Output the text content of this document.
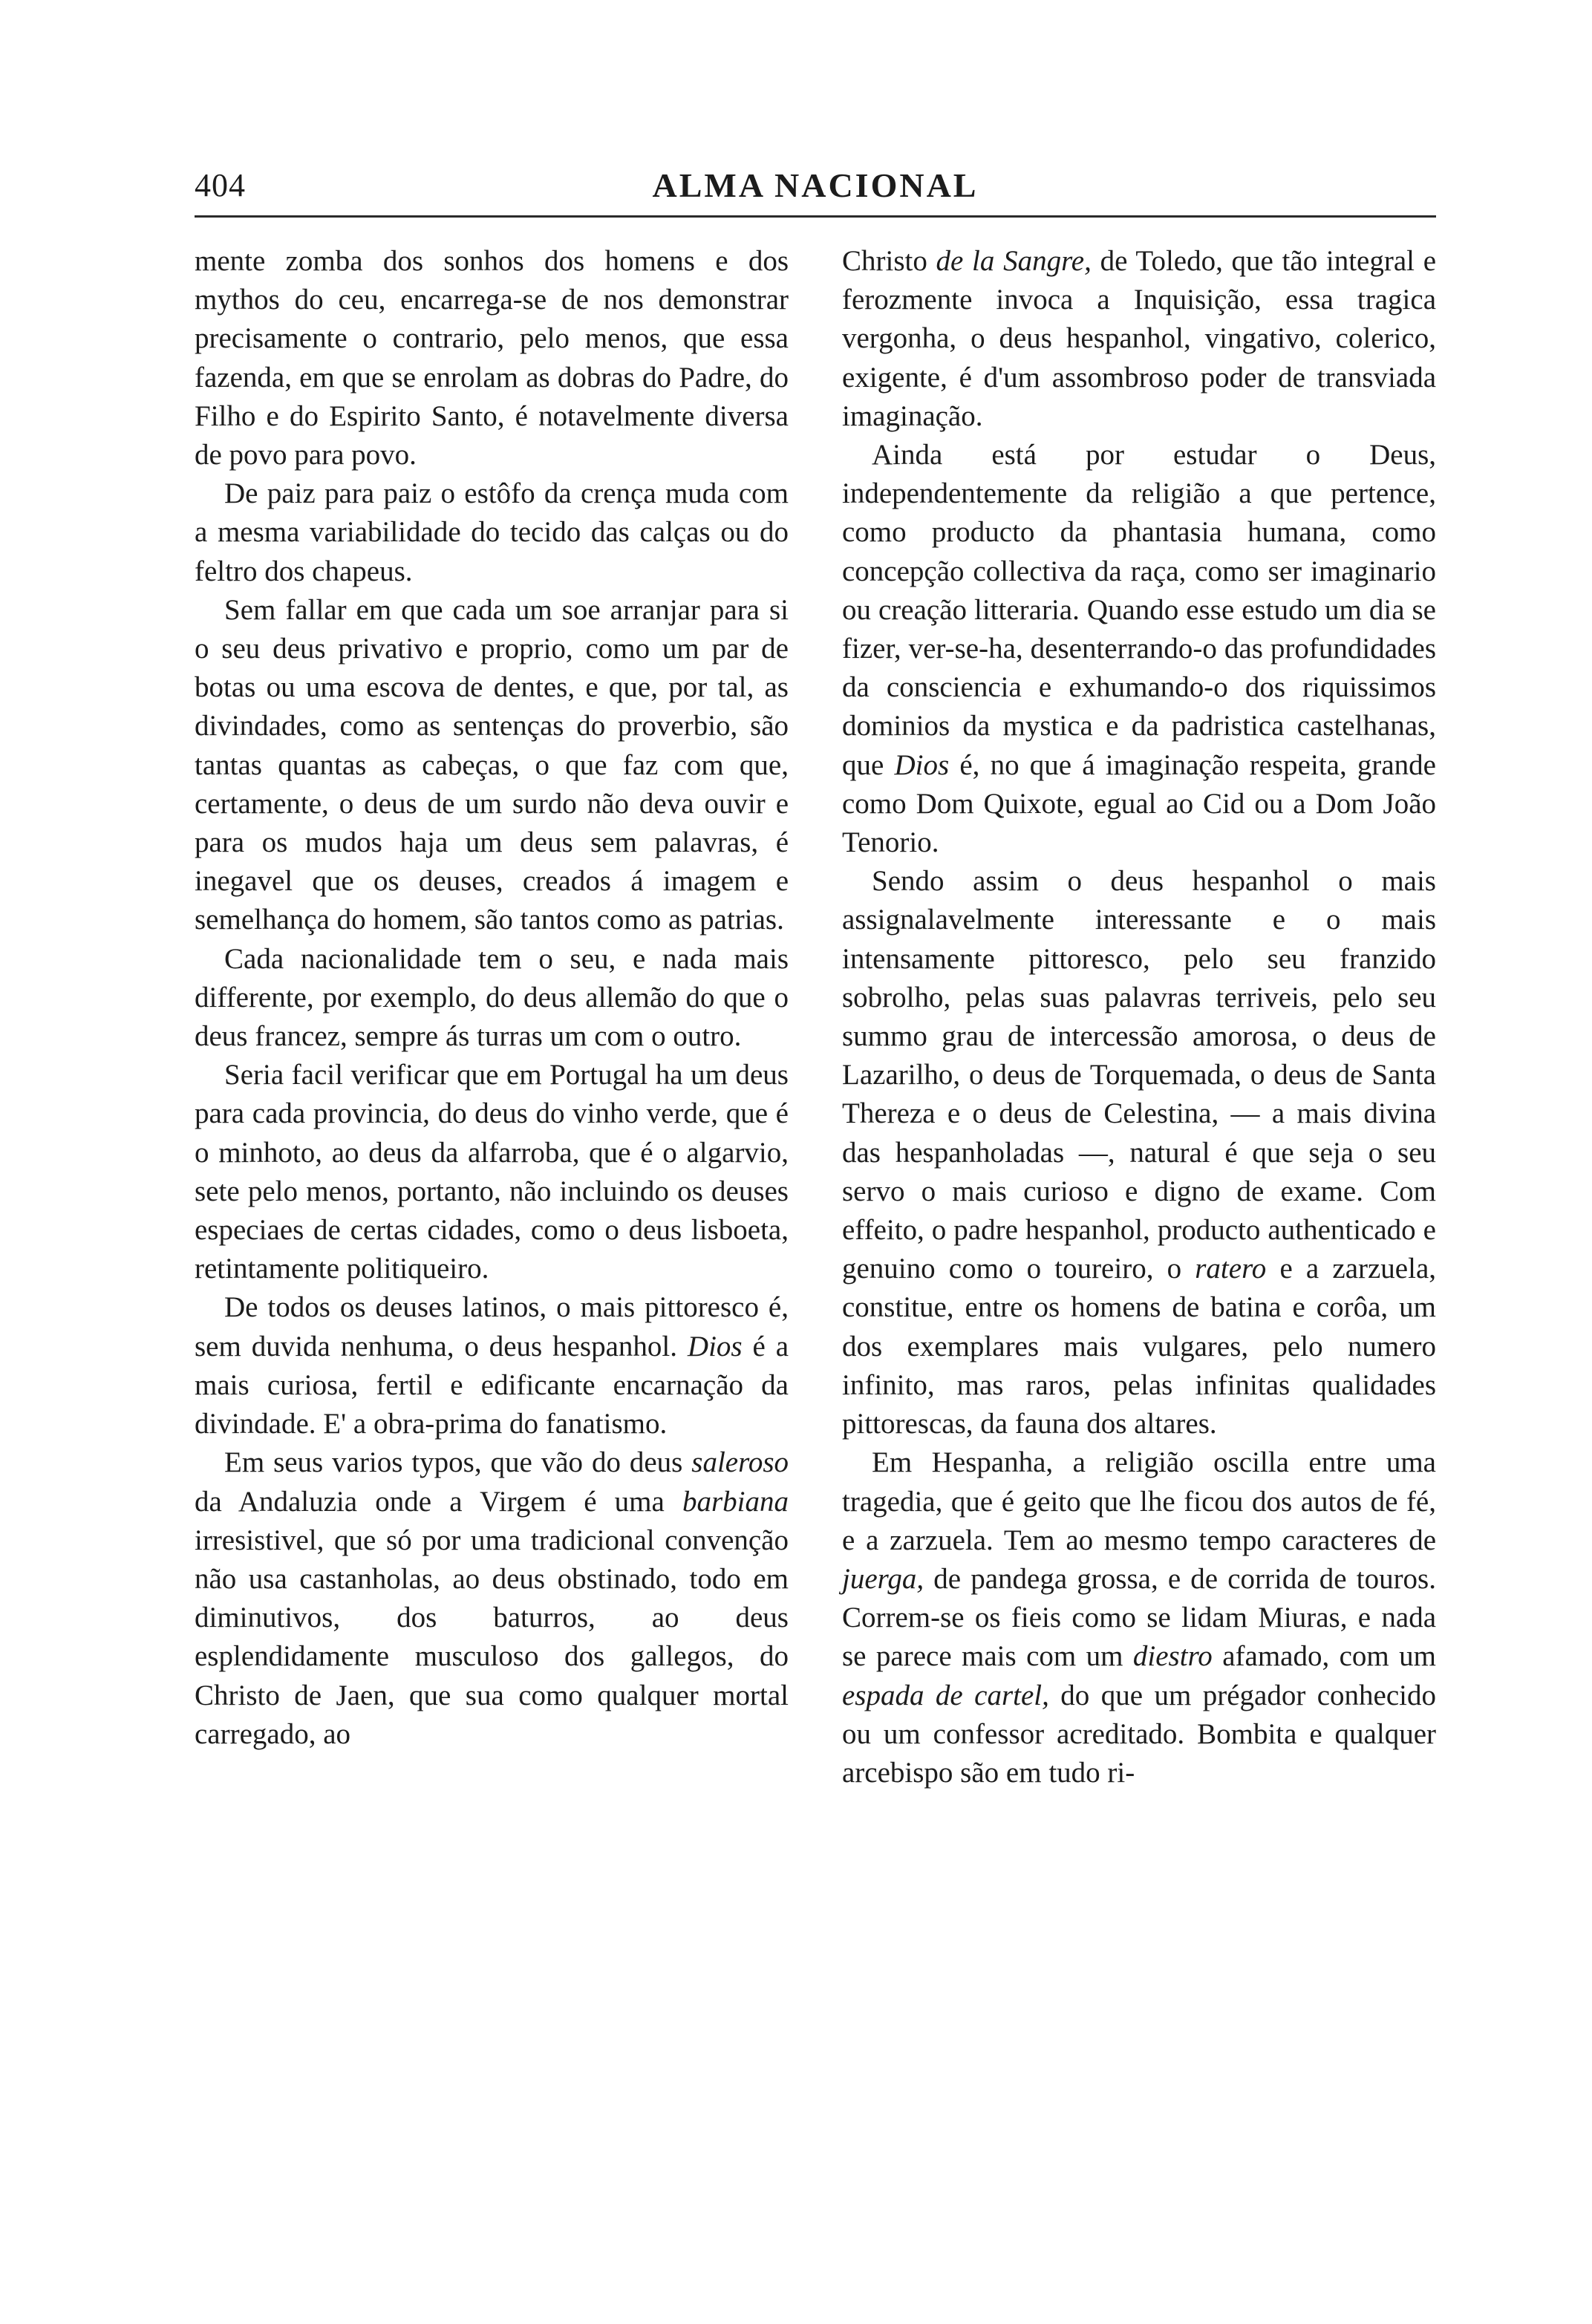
404	ALMA NACIONAL

mente zomba dos sonhos dos homens e dos mythos do ceu, encarrega-se de nos demonstrar precisamente o contrario, pelo menos, que essa fazenda, em que se enrolam as dobras do Padre, do Filho e do Espirito Santo, é notavelmente diversa de povo para povo.

De paiz para paiz o estôfo da crença muda com a mesma variabilidade do tecido das calças ou do feltro dos chapeus.

Sem fallar em que cada um soe arranjar para si o seu deus privativo e proprio, como um par de botas ou uma escova de dentes, e que, por tal, as divindades, como as sentenças do proverbio, são tantas quantas as cabeças, o que faz com que, certamente, o deus de um surdo não deva ouvir e para os mudos haja um deus sem palavras, é inegavel que os deuses, creados á imagem e semelhança do homem, são tantos como as patrias.

Cada nacionalidade tem o seu, e nada mais differente, por exemplo, do deus allemão do que o deus francez, sempre ás turras um com o outro.

Seria facil verificar que em Portugal ha um deus para cada provincia, do deus do vinho verde, que é o minhoto, ao deus da alfarroba, que é o algarvio, sete pelo menos, portanto, não incluindo os deuses especiaes de certas cidades, como o deus lisboeta, retintamente politiqueiro.

De todos os deuses latinos, o mais pittoresco é, sem duvida nenhuma, o deus hespanhol. Dios é a mais curiosa, fertil e edificante encarnação da divindade. E' a obra-prima do fanatismo.

Em seus varios typos, que vão do deus saleroso da Andaluzia onde a Virgem é uma barbiana irresistivel, que só por uma tradicional convenção não usa castanholas, ao deus obstinado, todo em diminutivos, dos baturros, ao deus esplendidamente musculoso dos gallegos, do Christo de Jaen, que sua como qualquer mortal carregado, ao

Christo de la Sangre, de Toledo, que tão integral e ferozmente invoca a Inquisição, essa tragica vergonha, o deus hespanhol, vingativo, colerico, exigente, é d'um assombroso poder de transviada imaginação.

Ainda está por estudar o Deus, independentemente da religião a que pertence, como producto da phantasia humana, como concepção collectiva da raça, como ser imaginario ou creação litteraria. Quando esse estudo um dia se fizer, ver-se-ha, desenterrando-o das profundidades da consciencia e exhumando-o dos riquissimos dominios da mystica e da padristica castelhanas, que Dios é, no que á imaginação respeita, grande como Dom Quixote, egual ao Cid ou a Dom João Tenorio.

Sendo assim o deus hespanhol o mais assignalavelmente interessante e o mais intensamente pittoresco, pelo seu franzido sobrolho, pelas suas palavras terriveis, pelo seu summo grau de intercessão amorosa, o deus de Lazarilho, o deus de Torquemada, o deus de Santa Thereza e o deus de Celestina, — a mais divina das hespanholadas —, natural é que seja o seu servo o mais curioso e digno de exame. Com effeito, o padre hespanhol, producto authenticado e genuino como o toureiro, o ratero e a zarzuela, constitue, entre os homens de batina e corôa, um dos exemplares mais vulgares, pelo numero infinito, mas raros, pelas infinitas qualidades pittorescas, da fauna dos altares.

Em Hespanha, a religião oscilla entre uma tragedia, que é geito que lhe ficou dos autos de fé, e a zarzuela. Tem ao mesmo tempo caracteres de juerga, de pandega grossa, e de corrida de touros. Correm-se os fieis como se lidam Miuras, e nada se parece mais com um diestro afamado, com um espada de cartel, do que um prégador conhecido ou um confessor acreditado. Bombita e qualquer arcebispo são em tudo ri-
